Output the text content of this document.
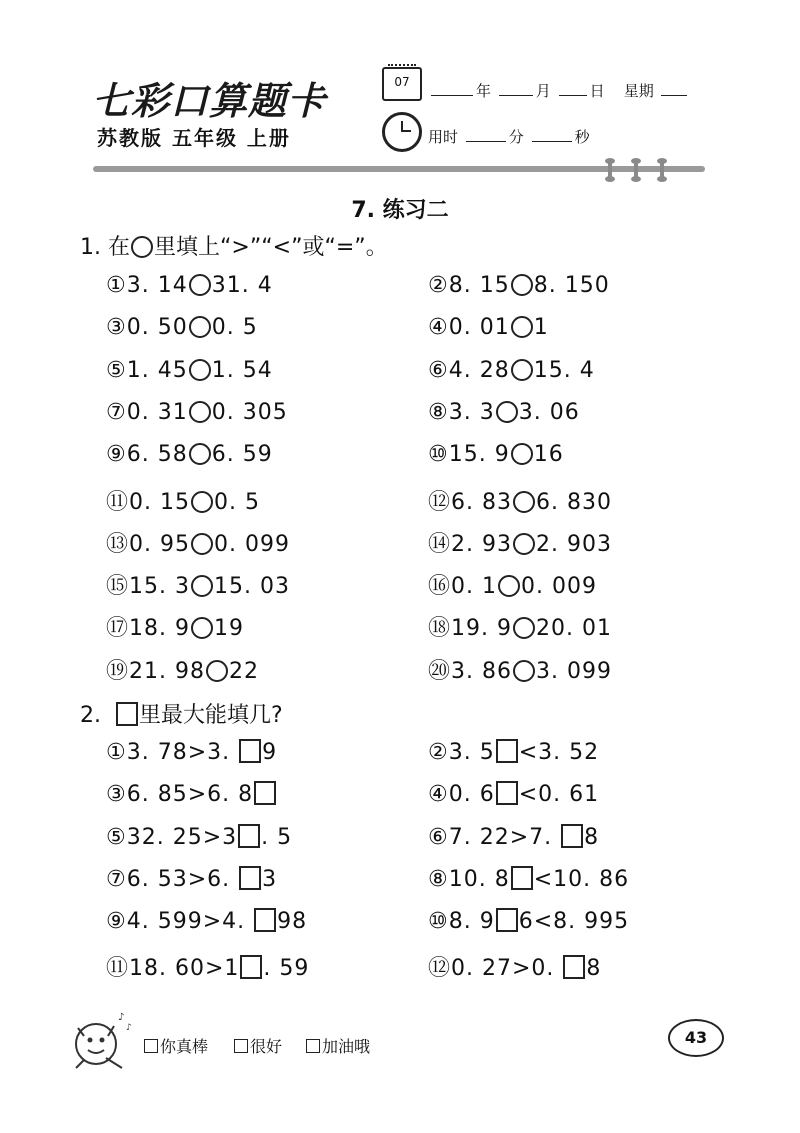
七彩口算题卡
苏教版 五年级 上册
07	年	月	日 星期
用时	分	秒
7. 练习二
1. 在 里填上“>”“<”或“=”。
①3. 14 31. 4	②8. 15 8. 150
③0. 50 0. 5	④0. 01 1
⑤1. 45 1. 54	⑥4. 28 15. 4
⑦0. 31 0. 305	⑧3. 3 3. 06
⑨6. 58 6. 59	⑩15. 9 16
⑪0. 15 0. 5	⑫6. 83 6. 830
⑬0. 95 0. 099	⑭2. 93 2. 903
⑮15. 3 15. 03	⑯0. 1 0. 009
⑰18. 9 19	⑱19. 9 20. 01
⑲21. 98 22	⑳3. 86 3. 099
2. 里最大能填几?
①3. 78>3. 9	②3. 5 <3. 52
③6. 85>6. 8	④0. 6 <0. 61
⑤32. 25>3 . 5	⑥7. 22>7. 8
⑦6. 53>6. 3	⑧10. 8 <10. 86
⑨4. 599>4. 98	⑩8. 9 6<8. 995
⑪18. 60>1 . 59	⑫0. 27>0. 8
♪
♪
你真棒	很好	加油哦	43
